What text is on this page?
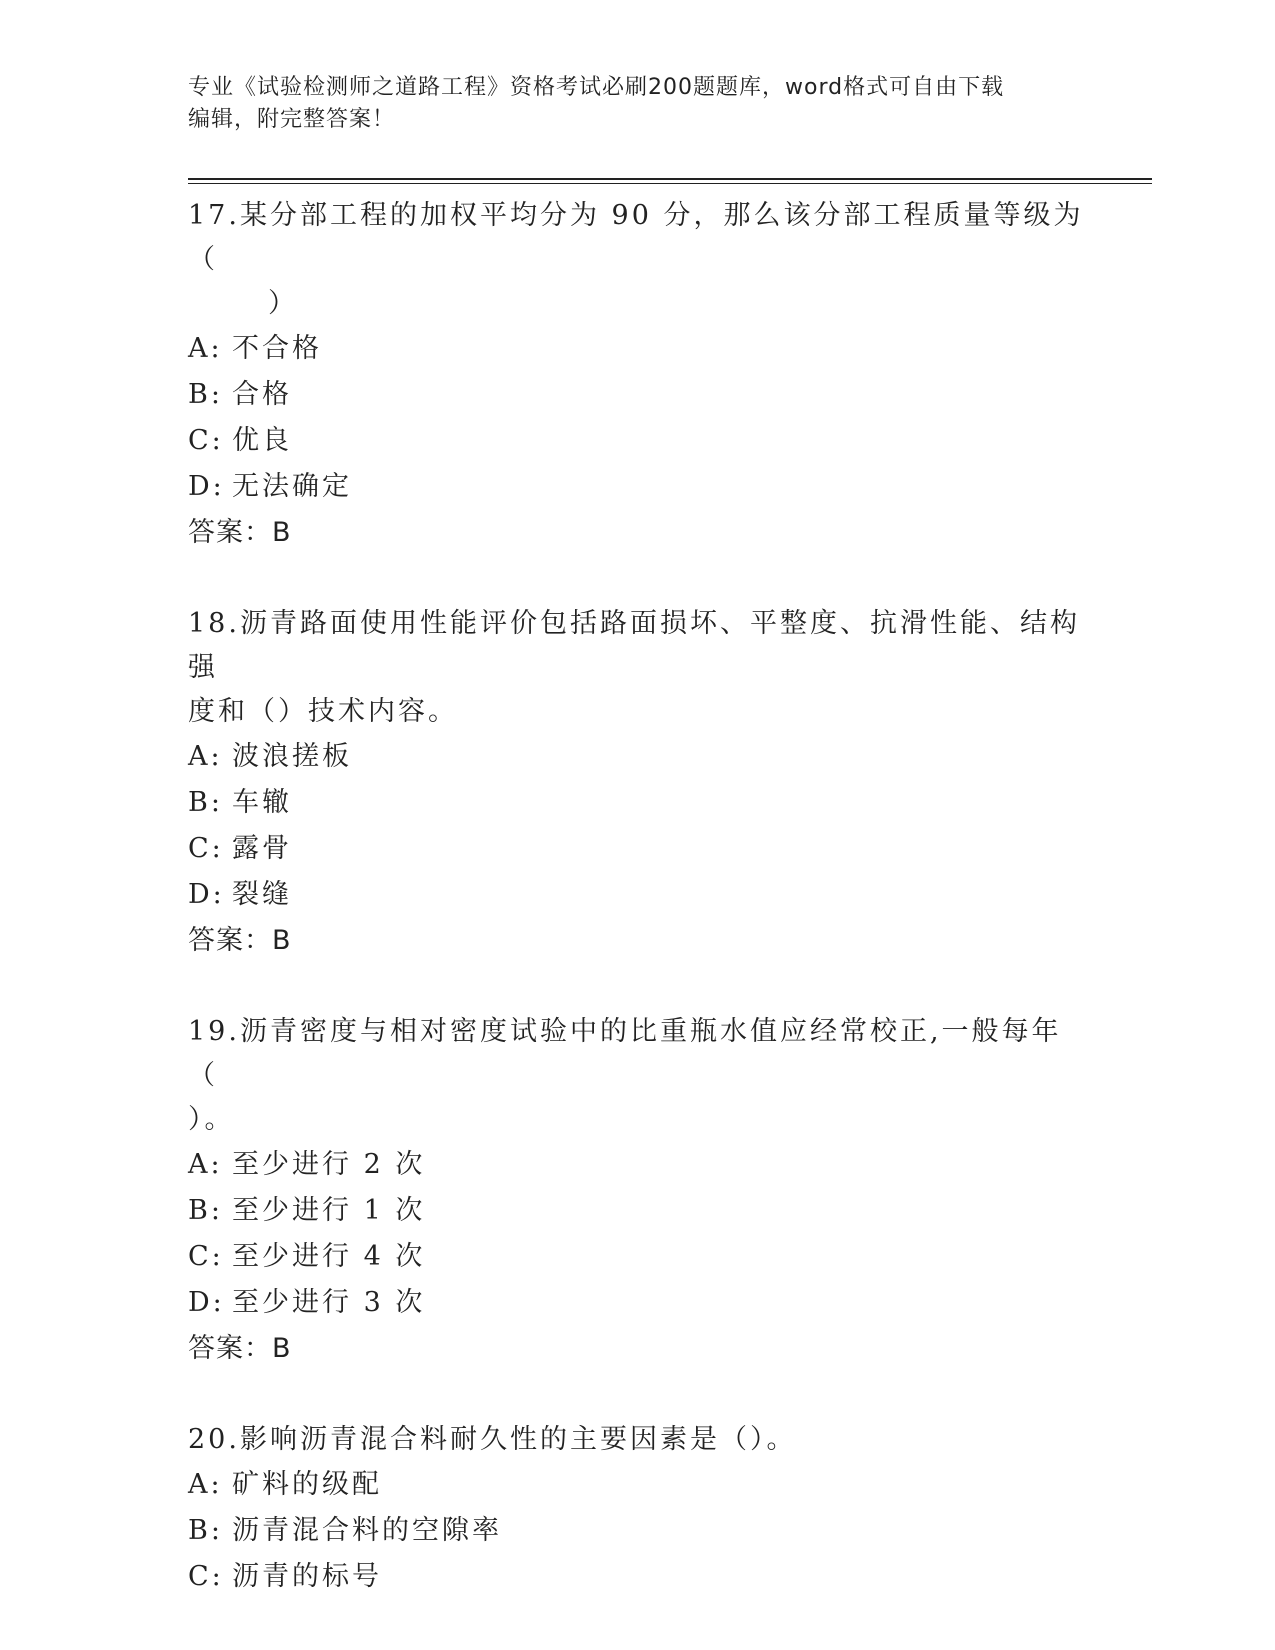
专业《试验检测师之道路工程》资格考试必刷200题题库，word格式可自由下载
编辑，附完整答案！
17.某分部工程的加权平均分为 90 分，那么该分部工程质量等级为（
）
A: 不合格
B: 合格
C: 优良
D: 无法确定
答案：B
18.沥青路面使用性能评价包括路面损坏、平整度、抗滑性能、结构强
度和（）技术内容。
A: 波浪搓板
B: 车辙
C: 露骨
D: 裂缝
答案：B
19.沥青密度与相对密度试验中的比重瓶水值应经常校正,一般每年（
）。
A: 至少进行 2 次
B: 至少进行 1 次
C: 至少进行 4 次
D: 至少进行 3 次
答案：B
20.影响沥青混合料耐久性的主要因素是（）。
A: 矿料的级配
B: 沥青混合料的空隙率
C: 沥青的标号
